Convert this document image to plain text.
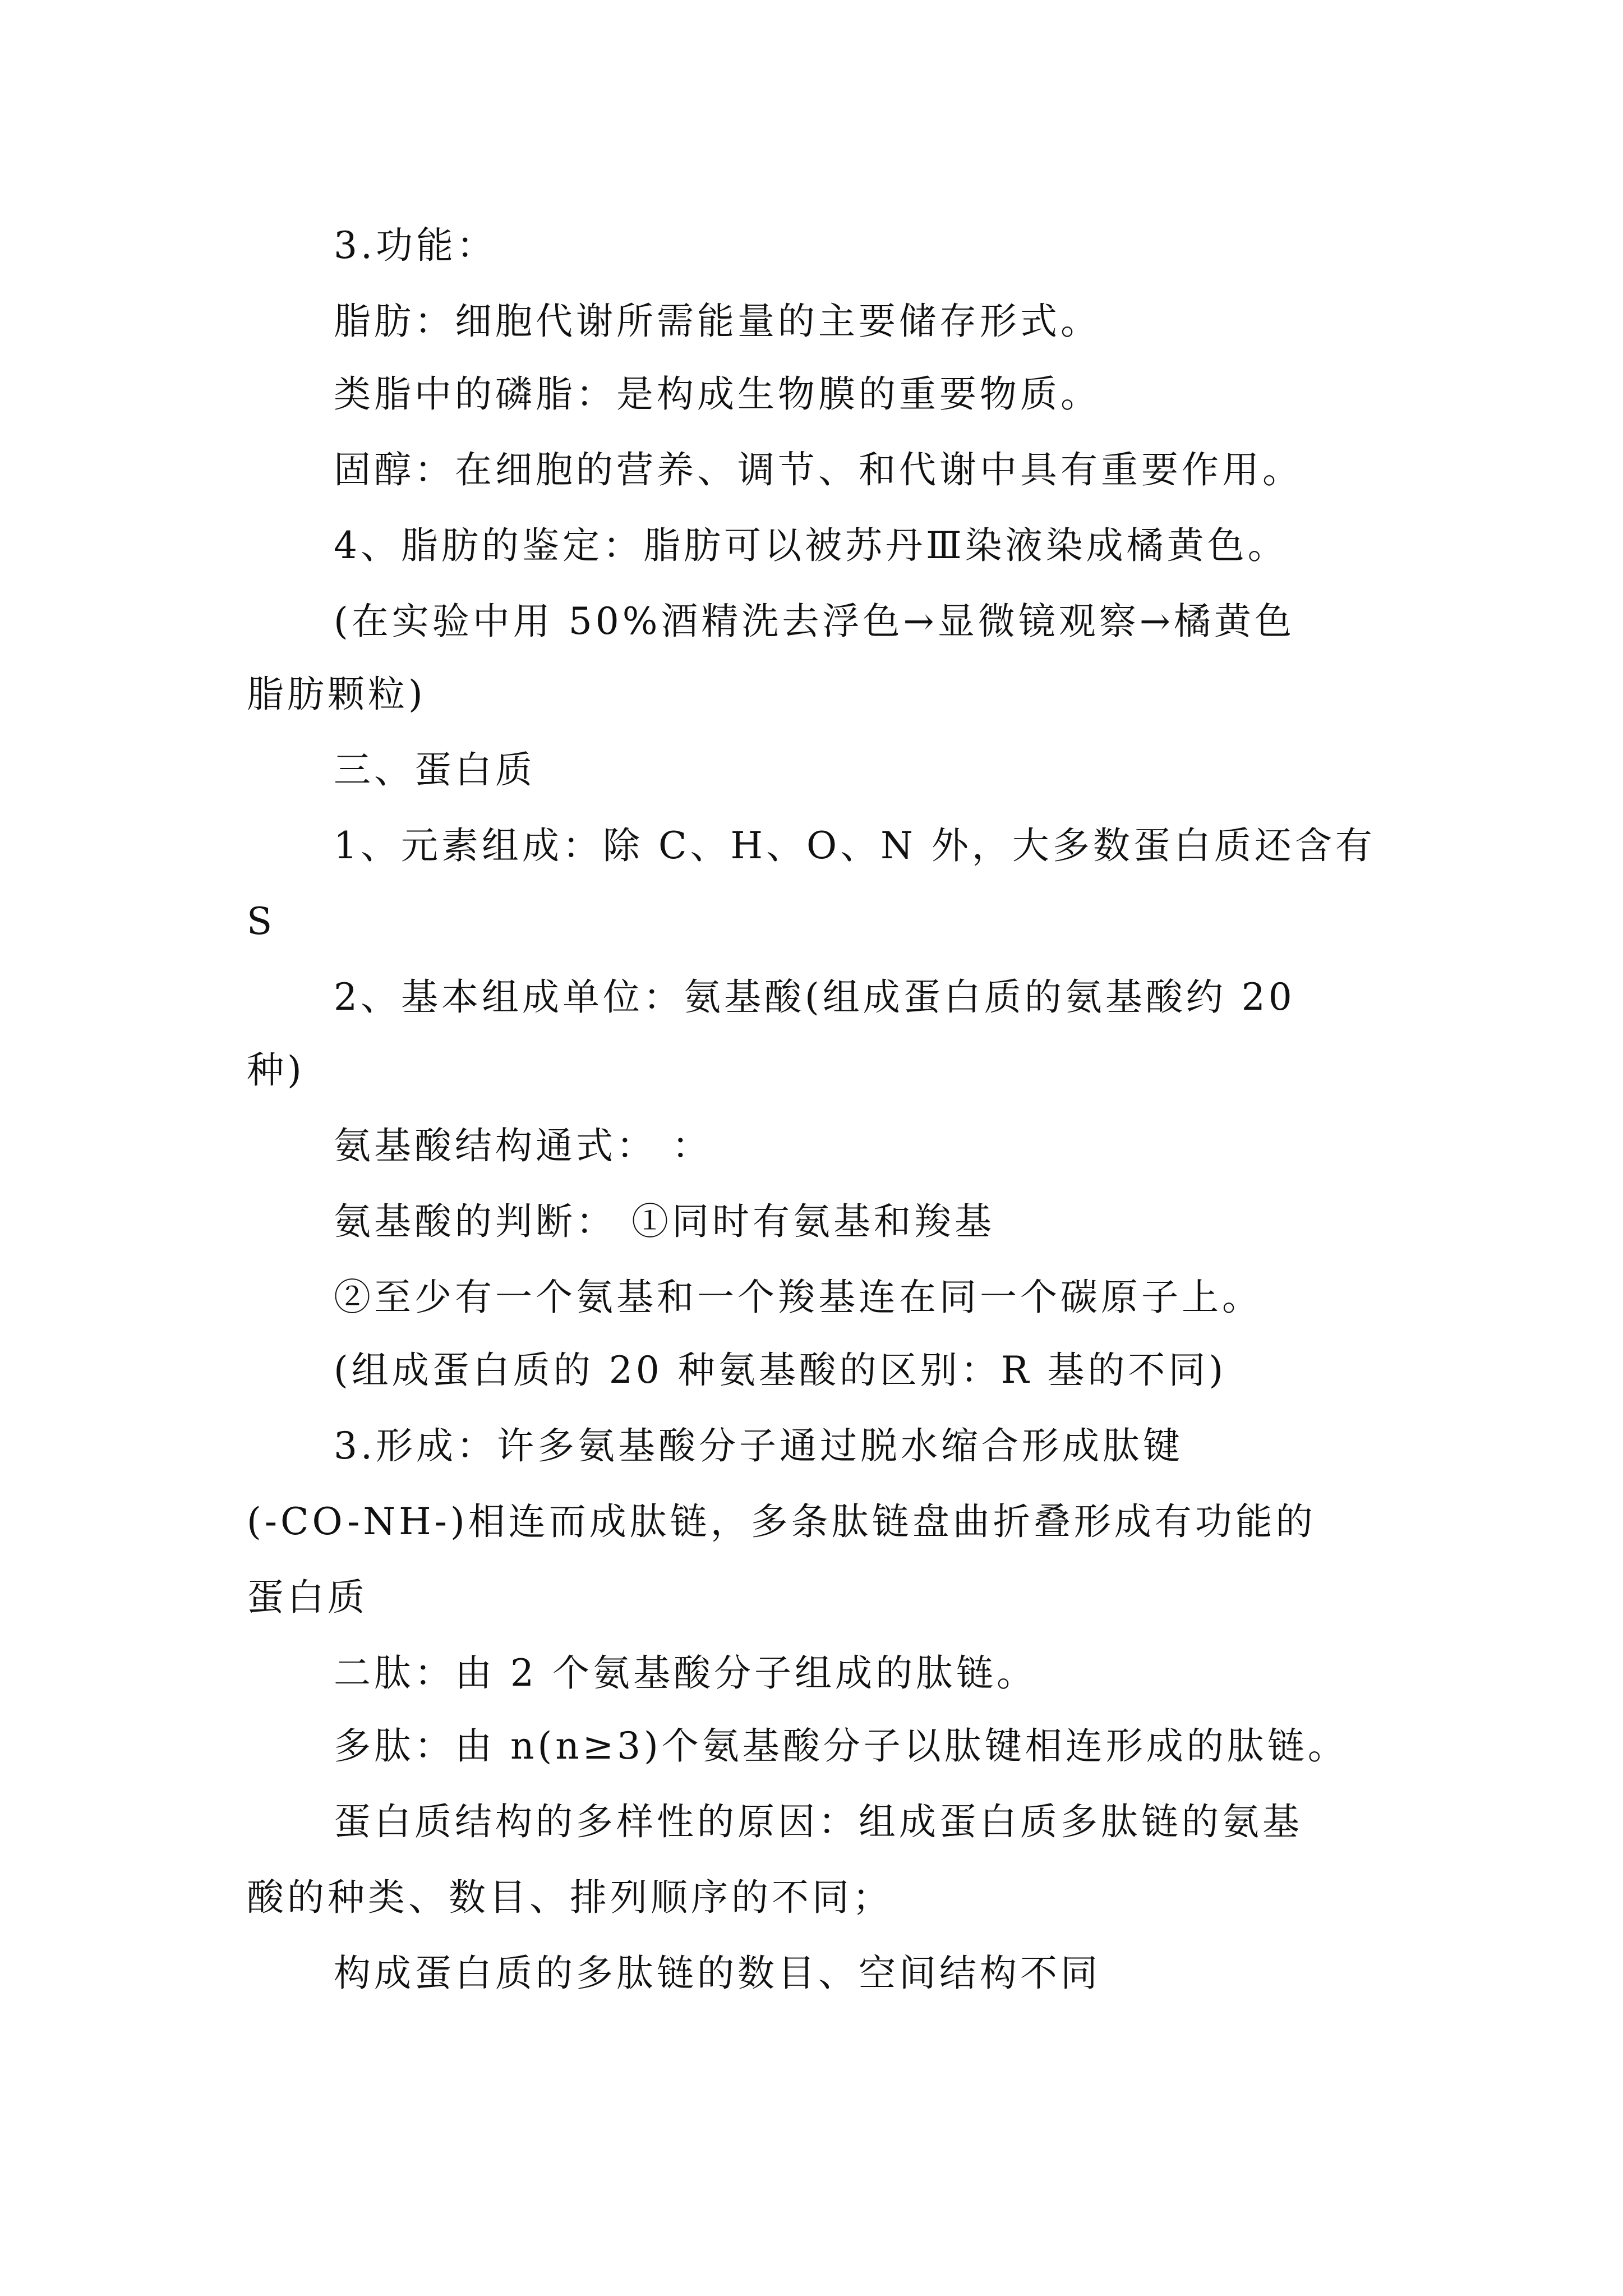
3.功能：
脂肪：细胞代谢所需能量的主要储存形式。
类脂中的磷脂：是构成生物膜的重要物质。
固醇：在细胞的营养、调节、和代谢中具有重要作用。
4、脂肪的鉴定：脂肪可以被苏丹Ⅲ染液染成橘黄色。
(在实验中用 50%酒精洗去浮色→显微镜观察→橘黄色
脂肪颗粒)
三、蛋白质
1、元素组成：除 C、H、O、N 外，大多数蛋白质还含有
S
2、基本组成单位：氨基酸(组成蛋白质的氨基酸约 20
种)
氨基酸结构通式： ：
氨基酸的判断： ①同时有氨基和羧基
②至少有一个氨基和一个羧基连在同一个碳原子上。
(组成蛋白质的 20 种氨基酸的区别：R 基的不同)
3.形成：许多氨基酸分子通过脱水缩合形成肽键
(-CO-NH-)相连而成肽链，多条肽链盘曲折叠形成有功能的
蛋白质
二肽：由 2 个氨基酸分子组成的肽链。
多肽：由 n(n≥3)个氨基酸分子以肽键相连形成的肽链。
蛋白质结构的多样性的原因：组成蛋白质多肽链的氨基
酸的种类、数目、排列顺序的不同；
构成蛋白质的多肽链的数目、空间结构不同
